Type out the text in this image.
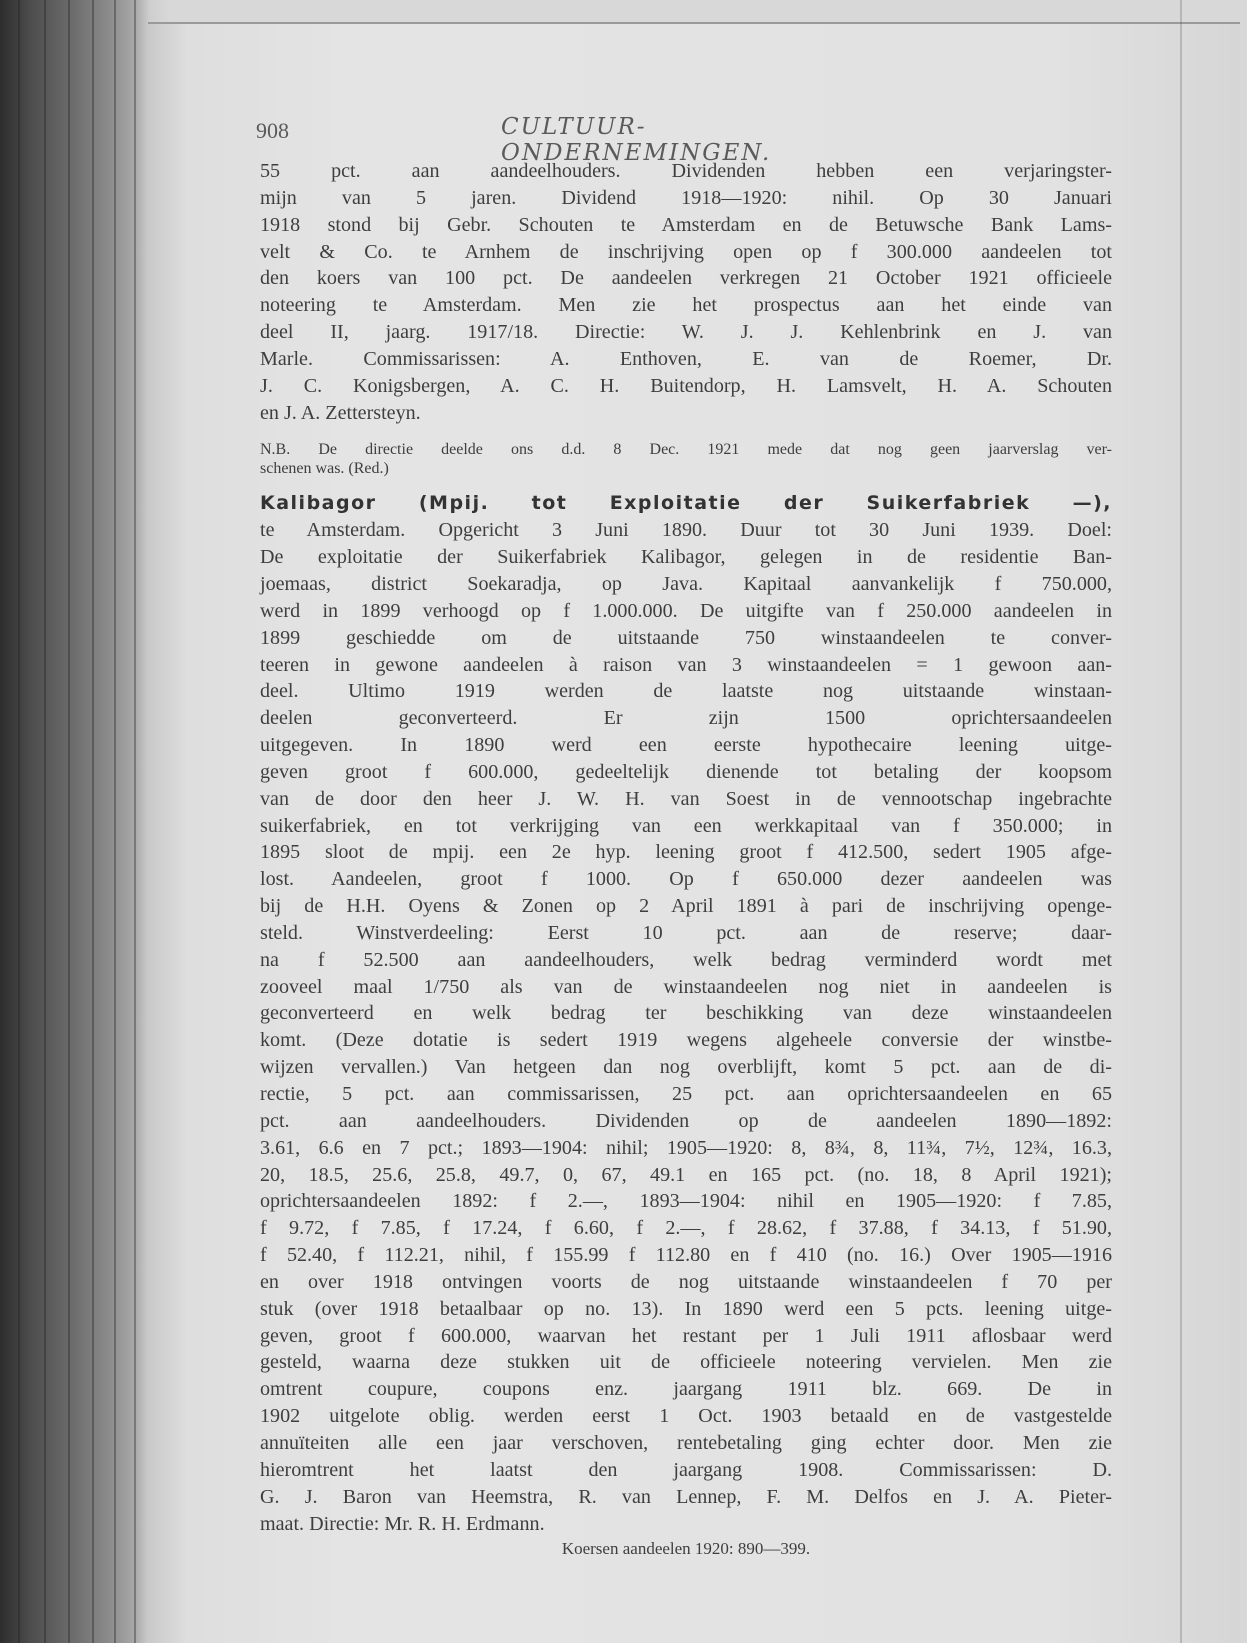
908	CULTUUR-ONDERNEMINGEN.
55 pct. aan aandeelhouders. Dividenden hebben een verjaringster-
mijn van 5 jaren. Dividend 1918—1920: nihil. Op 30 Januari
1918 stond bij Gebr. Schouten te Amsterdam en de Betuwsche Bank Lams-
velt & Co. te Arnhem de inschrijving open op f 300.000 aandeelen tot
den koers van 100 pct. De aandeelen verkregen 21 October 1921 officieele
noteering te Amsterdam. Men zie het prospectus aan het einde van
deel II, jaarg. 1917/18. Directie: W. J. J. Kehlenbrink en J. van
Marle. Commissarissen: A. Enthoven, E. van de Roemer, Dr.
J. C. Konigsbergen, A. C. H. Buitendorp, H. Lamsvelt, H. A. Schouten
en J. A. Zettersteyn.
N.B. De directie deelde ons d.d. 8 Dec. 1921 mede dat nog geen jaarverslag ver-
schenen was. (Red.)
Kalibagor (Mpij. tot Exploitatie der Suikerfabriek —),
te Amsterdam. Opgericht 3 Juni 1890. Duur tot 30 Juni 1939. Doel:
De exploitatie der Suikerfabriek Kalibagor, gelegen in de residentie Ban-
joemaas, district Soekaradja, op Java. Kapitaal aanvankelijk f 750.000,
werd in 1899 verhoogd op f 1.000.000. De uitgifte van f 250.000 aandeelen in
1899 geschiedde om de uitstaande 750 winstaandeelen te conver-
teeren in gewone aandeelen à raison van 3 winstaandeelen = 1 gewoon aan-
deel. Ultimo 1919 werden de laatste nog uitstaande winstaan-
deelen geconverteerd. Er zijn 1500 oprichtersaandeelen
uitgegeven. In 1890 werd een eerste hypothecaire leening uitge-
geven groot f 600.000, gedeeltelijk dienende tot betaling der koopsom
van de door den heer J. W. H. van Soest in de vennootschap ingebrachte
suikerfabriek, en tot verkrijging van een werkkapitaal van f 350.000; in
1895 sloot de mpij. een 2e hyp. leening groot f 412.500, sedert 1905 afge-
lost. Aandeelen, groot f 1000. Op f 650.000 dezer aandeelen was
bij de H.H. Oyens & Zonen op 2 April 1891 à pari de inschrijving openge-
steld. Winstverdeeling: Eerst 10 pct. aan de reserve; daar-
na f 52.500 aan aandeelhouders, welk bedrag verminderd wordt met
zooveel maal 1/750 als van de winstaandeelen nog niet in aandeelen is
geconverteerd en welk bedrag ter beschikking van deze winstaandeelen
komt. (Deze dotatie is sedert 1919 wegens algeheele conversie der winstbe-
wijzen vervallen.) Van hetgeen dan nog overblijft, komt 5 pct. aan de di-
rectie, 5 pct. aan commissarissen, 25 pct. aan oprichtersaandeelen en 65
pct. aan aandeelhouders. Dividenden op de aandeelen 1890—1892:
3.61, 6.6 en 7 pct.; 1893—1904: nihil; 1905—1920: 8, 8¾, 8, 11¾, 7½, 12¾, 16.3,
20, 18.5, 25.6, 25.8, 49.7, 0, 67, 49.1 en 165 pct. (no. 18, 8 April 1921);
oprichtersaandeelen 1892: f 2.—, 1893—1904: nihil en 1905—1920: f 7.85,
f 9.72, f 7.85, f 17.24, f 6.60, f 2.—, f 28.62, f 37.88, f 34.13, f 51.90,
f 52.40, f 112.21, nihil, f 155.99 f 112.80 en f 410 (no. 16.) Over 1905—1916
en over 1918 ontvingen voorts de nog uitstaande winstaandeelen f 70 per
stuk (over 1918 betaalbaar op no. 13). In 1890 werd een 5 pcts. leening uitge-
geven, groot f 600.000, waarvan het restant per 1 Juli 1911 aflosbaar werd
gesteld, waarna deze stukken uit de officieele noteering vervielen. Men zie
omtrent coupure, coupons enz. jaargang 1911 blz. 669. De in
1902 uitgelote oblig. werden eerst 1 Oct. 1903 betaald en de vastgestelde
annuïteiten alle een jaar verschoven, rentebetaling ging echter door. Men zie
hieromtrent het laatst den jaargang 1908. Commissarissen: D.
G. J. Baron van Heemstra, R. van Lennep, F. M. Delfos en J. A. Pieter-
maat. Directie: Mr. R. H. Erdmann.
Koersen aandeelen 1920: 890—399.
